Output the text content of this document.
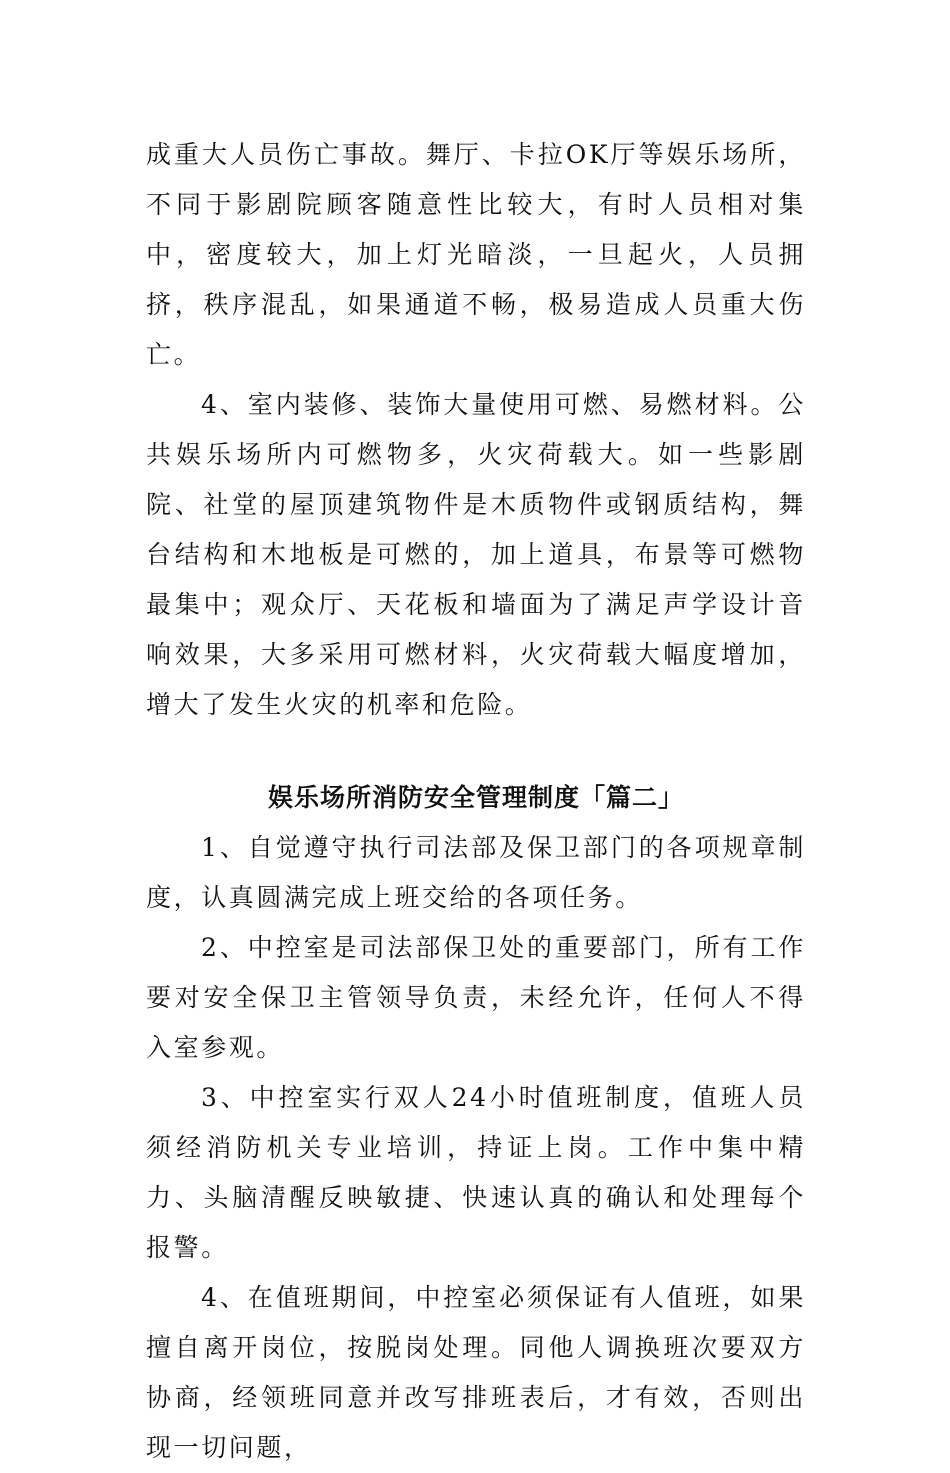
成重大人员伤亡事故。舞厅、卡拉OK厅等娱乐场所，不同于影剧院顾客随意性比较大，有时人员相对集中，密度较大，加上灯光暗淡，一旦起火，人员拥挤，秩序混乱，如果通道不畅，极易造成人员重大伤亡。

4、室内装修、装饰大量使用可燃、易燃材料。公共娱乐场所内可燃物多，火灾荷载大。如一些影剧院、社堂的屋顶建筑物件是木质物件或钢质结构，舞台结构和木地板是可燃的，加上道具，布景等可燃物最集中；观众厅、天花板和墙面为了满足声学设计音响效果，大多采用可燃材料，火灾荷载大幅度增加，增大了发生火灾的机率和危险。

娱乐场所消防安全管理制度「篇二」

1、自觉遵守执行司法部及保卫部门的各项规章制度，认真圆满完成上班交给的各项任务。

2、中控室是司法部保卫处的重要部门，所有工作要对安全保卫主管领导负责，未经允许，任何人不得入室参观。

3、中控室实行双人24小时值班制度，值班人员须经消防机关专业培训，持证上岗。工作中集中精力、头脑清醒反映敏捷、快速认真的确认和处理每个报警。

4、在值班期间，中控室必须保证有人值班，如果擅自离开岗位，按脱岗处理。同他人调换班次要双方协商，经领班同意并改写排班表后，才有效，否则出现一切问题，
